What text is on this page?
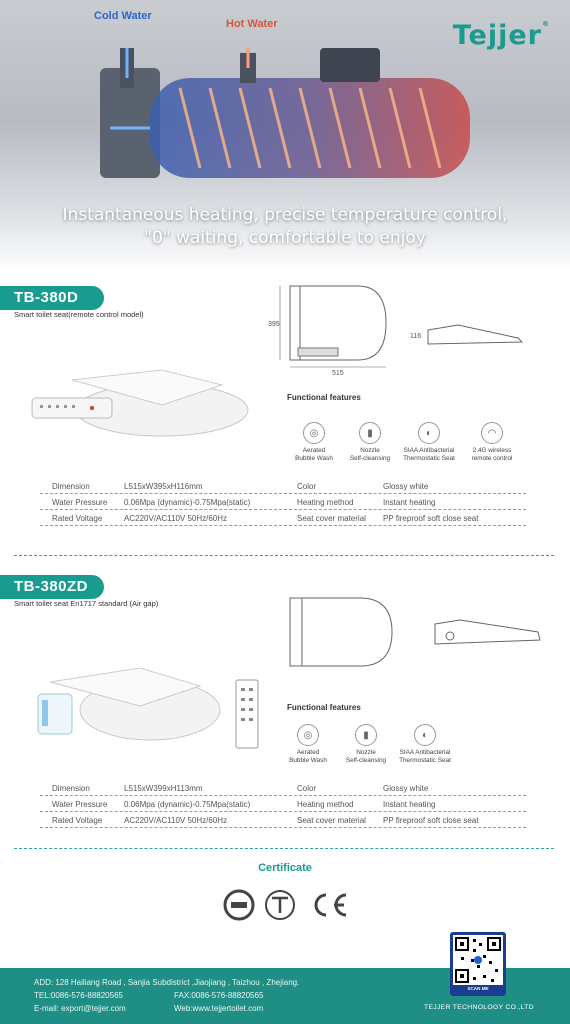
Cold Water
Hot Water	Tejjer®
Instantaneous heating, precise temperature control,
"0" waiting, comfortable to enjoy
TB-380D
Smart toilet seat(remote control model)
395
515
116
Functional features
◎
Aerated
Bubble Wash
▮
Nozzle
Self-cleansing
◐
SIAA Antibacterial
Thermostatic Seat
◠
2.4G wireless
remote control
Dimension	L515xW395xH116mm	Color	Glossy white
Water Pressure 0.06Mpa (dynamic)-0.75Mpa(static)	Heating method	Instant heating
Rated Voltage	AC220V/AC110V 50Hz/60Hz	Seat cover material PP fireproof soft close seat
TB-380ZD
Smart toilet seat En1717 standard (Air gap)
Functional features
◎
Aerated
Bubble Wash
▮
Nozzle
Self-cleansing
◐
SIAA Antibacterial
Thermostatic Seat
Dimension	L515xW399xH113mm	Color	Glossy white
Water Pressure 0.06Mpa (dynamic)-0.75Mpa(static)	Heating method	Instant heating
Rated Voltage	AC220V/AC110V 50Hz/60Hz	Seat cover material PP fireproof soft close seat
Certificate
ADD: 128 Hailiang Road , Sanjia Subdistrict ,Jiaojiang , Taizhou , Zhejiang.
TEL:0086-576-88820565	FAX:0086-576-88820565
E-mail: export@tejjer.com	Web:www.tejjertoilet.com
SCAN ME
TEJJER TECHNOLOGY CO.,LTD
